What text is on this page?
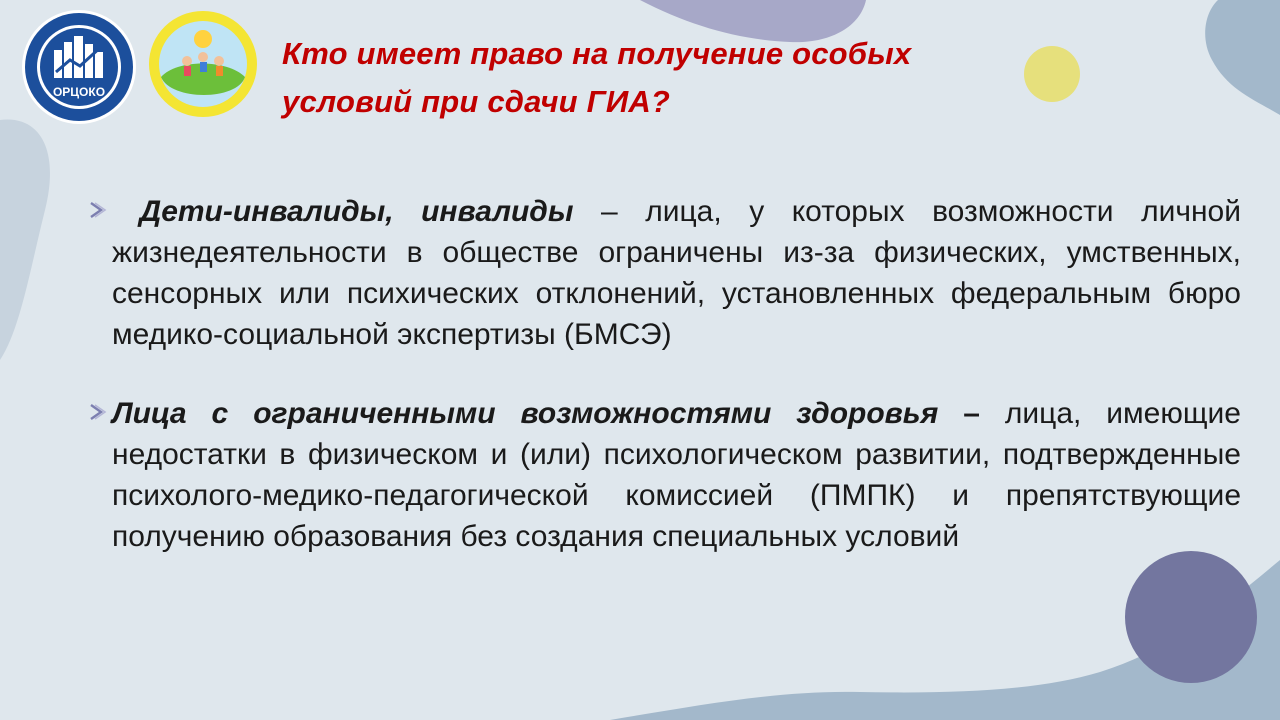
ОРЦОКО
Кто имеет право на получение особых
условий при сдачи ГИА?

Дети-инвалиды, инвалиды – лица, у которых возможности личной жизнедеятельности в обществе ограничены из-за физических, умственных, сенсорных или психических отклонений, установленных федеральным бюро медико-социальной экспертизы (БМСЭ)

Лица с ограниченными возможностями здоровья – лица, имеющие недостатки в физическом и (или) психологическом развитии, подтвержденные психолого-медико-педагогической комиссией (ПМПК) и препятствующие получению образования без создания специальных условий
